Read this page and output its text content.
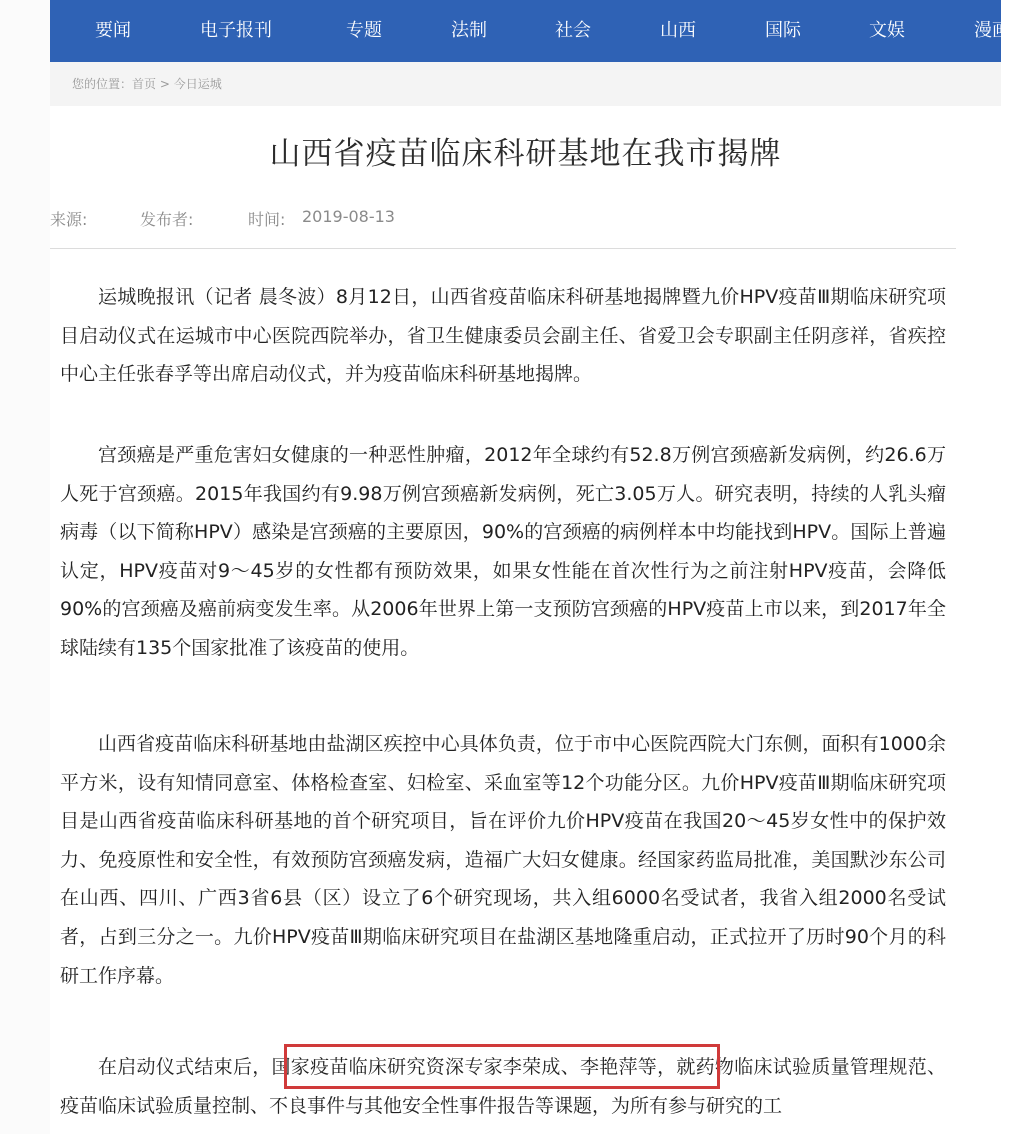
要闻	电子报刊	专题	法制	社会	山西	国际	文娱	漫画
您的位置：首页 > 今日运城
山西省疫苗临床科研基地在我市揭牌
来源:	发布者:	时间: 2019-08-13

运城晚报讯（记者 晨冬波）8月12日，山西省疫苗临床科研基地揭牌暨九价HPV疫苗Ⅲ期临床研究项目启动仪式在运城市中心医院西院举办，省卫生健康委员会副主任、省爱卫会专职副主任阴彦祥，省疾控中心主任张春孚等出席启动仪式，并为疫苗临床科研基地揭牌。

宫颈癌是严重危害妇女健康的一种恶性肿瘤，2012年全球约有52.8万例宫颈癌新发病例，约26.6万人死于宫颈癌。2015年我国约有9.98万例宫颈癌新发病例，死亡3.05万人。研究表明，持续的人乳头瘤病毒（以下简称HPV）感染是宫颈癌的主要原因，90%的宫颈癌的病例样本中均能找到HPV。国际上普遍认定，HPV疫苗对9～45岁的女性都有预防效果，如果女性能在首次性行为之前注射HPV疫苗，会降低90%的宫颈癌及癌前病变发生率。从2006年世界上第一支预防宫颈癌的HPV疫苗上市以来，到2017年全球陆续有135个国家批准了该疫苗的使用。

山西省疫苗临床科研基地由盐湖区疾控中心具体负责，位于市中心医院西院大门东侧，面积有1000余平方米，设有知情同意室、体格检查室、妇检室、采血室等12个功能分区。九价HPV疫苗Ⅲ期临床研究项目是山西省疫苗临床科研基地的首个研究项目，旨在评价九价HPV疫苗在我国20～45岁女性中的保护效力、免疫原性和安全性，有效预防宫颈癌发病，造福广大妇女健康。经国家药监局批准，美国默沙东公司在山西、四川、广西3省6县（区）设立了6个研究现场，共入组6000名受试者，我省入组2000名受试者，占到三分之一。九价HPV疫苗Ⅲ期临床研究项目在盐湖区基地隆重启动，正式拉开了历时90个月的科研工作序幕。

在启动仪式结束后，国家疫苗临床研究资深专家李荣成、李艳萍等，就药物临床试验质量管理规范、疫苗临床试验质量控制、不良事件与其他安全性事件报告等课题，为所有参与研究的工
